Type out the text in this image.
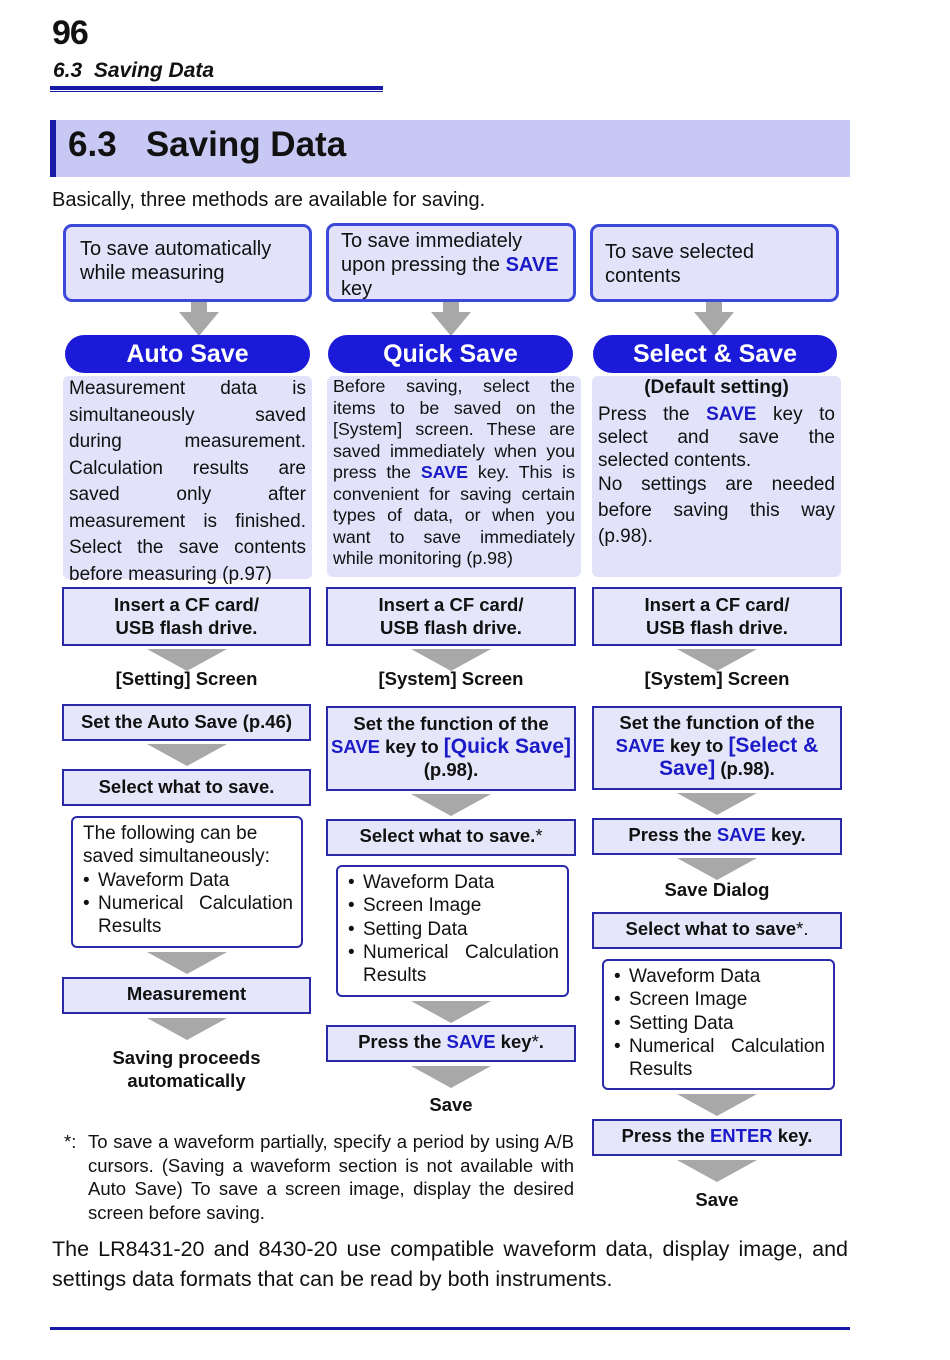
96
6.3  Saving Data
6.3   Saving Data
Basically, three methods are available for saving.
To save automatically while measuring
Auto Save

Measurement data is simultaneously saved during measurement. Calculation results are saved only after measurement is finished. Select the save contents before measuring (p.97)

Insert a CF card/
USB flash drive.
[Setting] Screen
Set the Auto Save (p.46)
Select what to save.
The following can be saved simultaneously:
• Waveform Data
• Numerical Calculation Results
Measurement
Saving proceeds
automatically
To save immediately upon pressing the SAVE key
Quick Save

Before saving, select the items to be saved on the [System] screen. These are saved immediately when you press the SAVE key. This is convenient for saving certain types of data, or when you want to save immediately while monitoring (p.98)

Insert a CF card/
USB flash drive.
[System] Screen
Set the function of the
SAVE key to [Quick Save] (p.98).
Select what to save.*
• Waveform Data
• Screen Image
• Setting Data
• Numerical Calculation Results
Press the SAVE key*.
Save
To save selected contents
Select & Save
(Default setting)

Press the SAVE key to select and save the selected contents.

No settings are needed before saving this way (p.98).

Insert a CF card/
USB flash drive.
[System] Screen
Set the function of the
SAVE key to [Select & Save] (p.98).
Press the SAVE key.
Save Dialog
Select what to save*.
• Waveform Data
• Screen Image
• Setting Data
• Numerical Calculation Results
Press the ENTER key.
Save
*: To save a waveform partially, specify a period by using A/B cursors. (Saving a waveform section is not available with Auto Save) To save a screen image, display the desired screen before saving.
The LR8431-20 and 8430-20 use compatible waveform data, display image, and settings data formats that can be read by both instruments.
